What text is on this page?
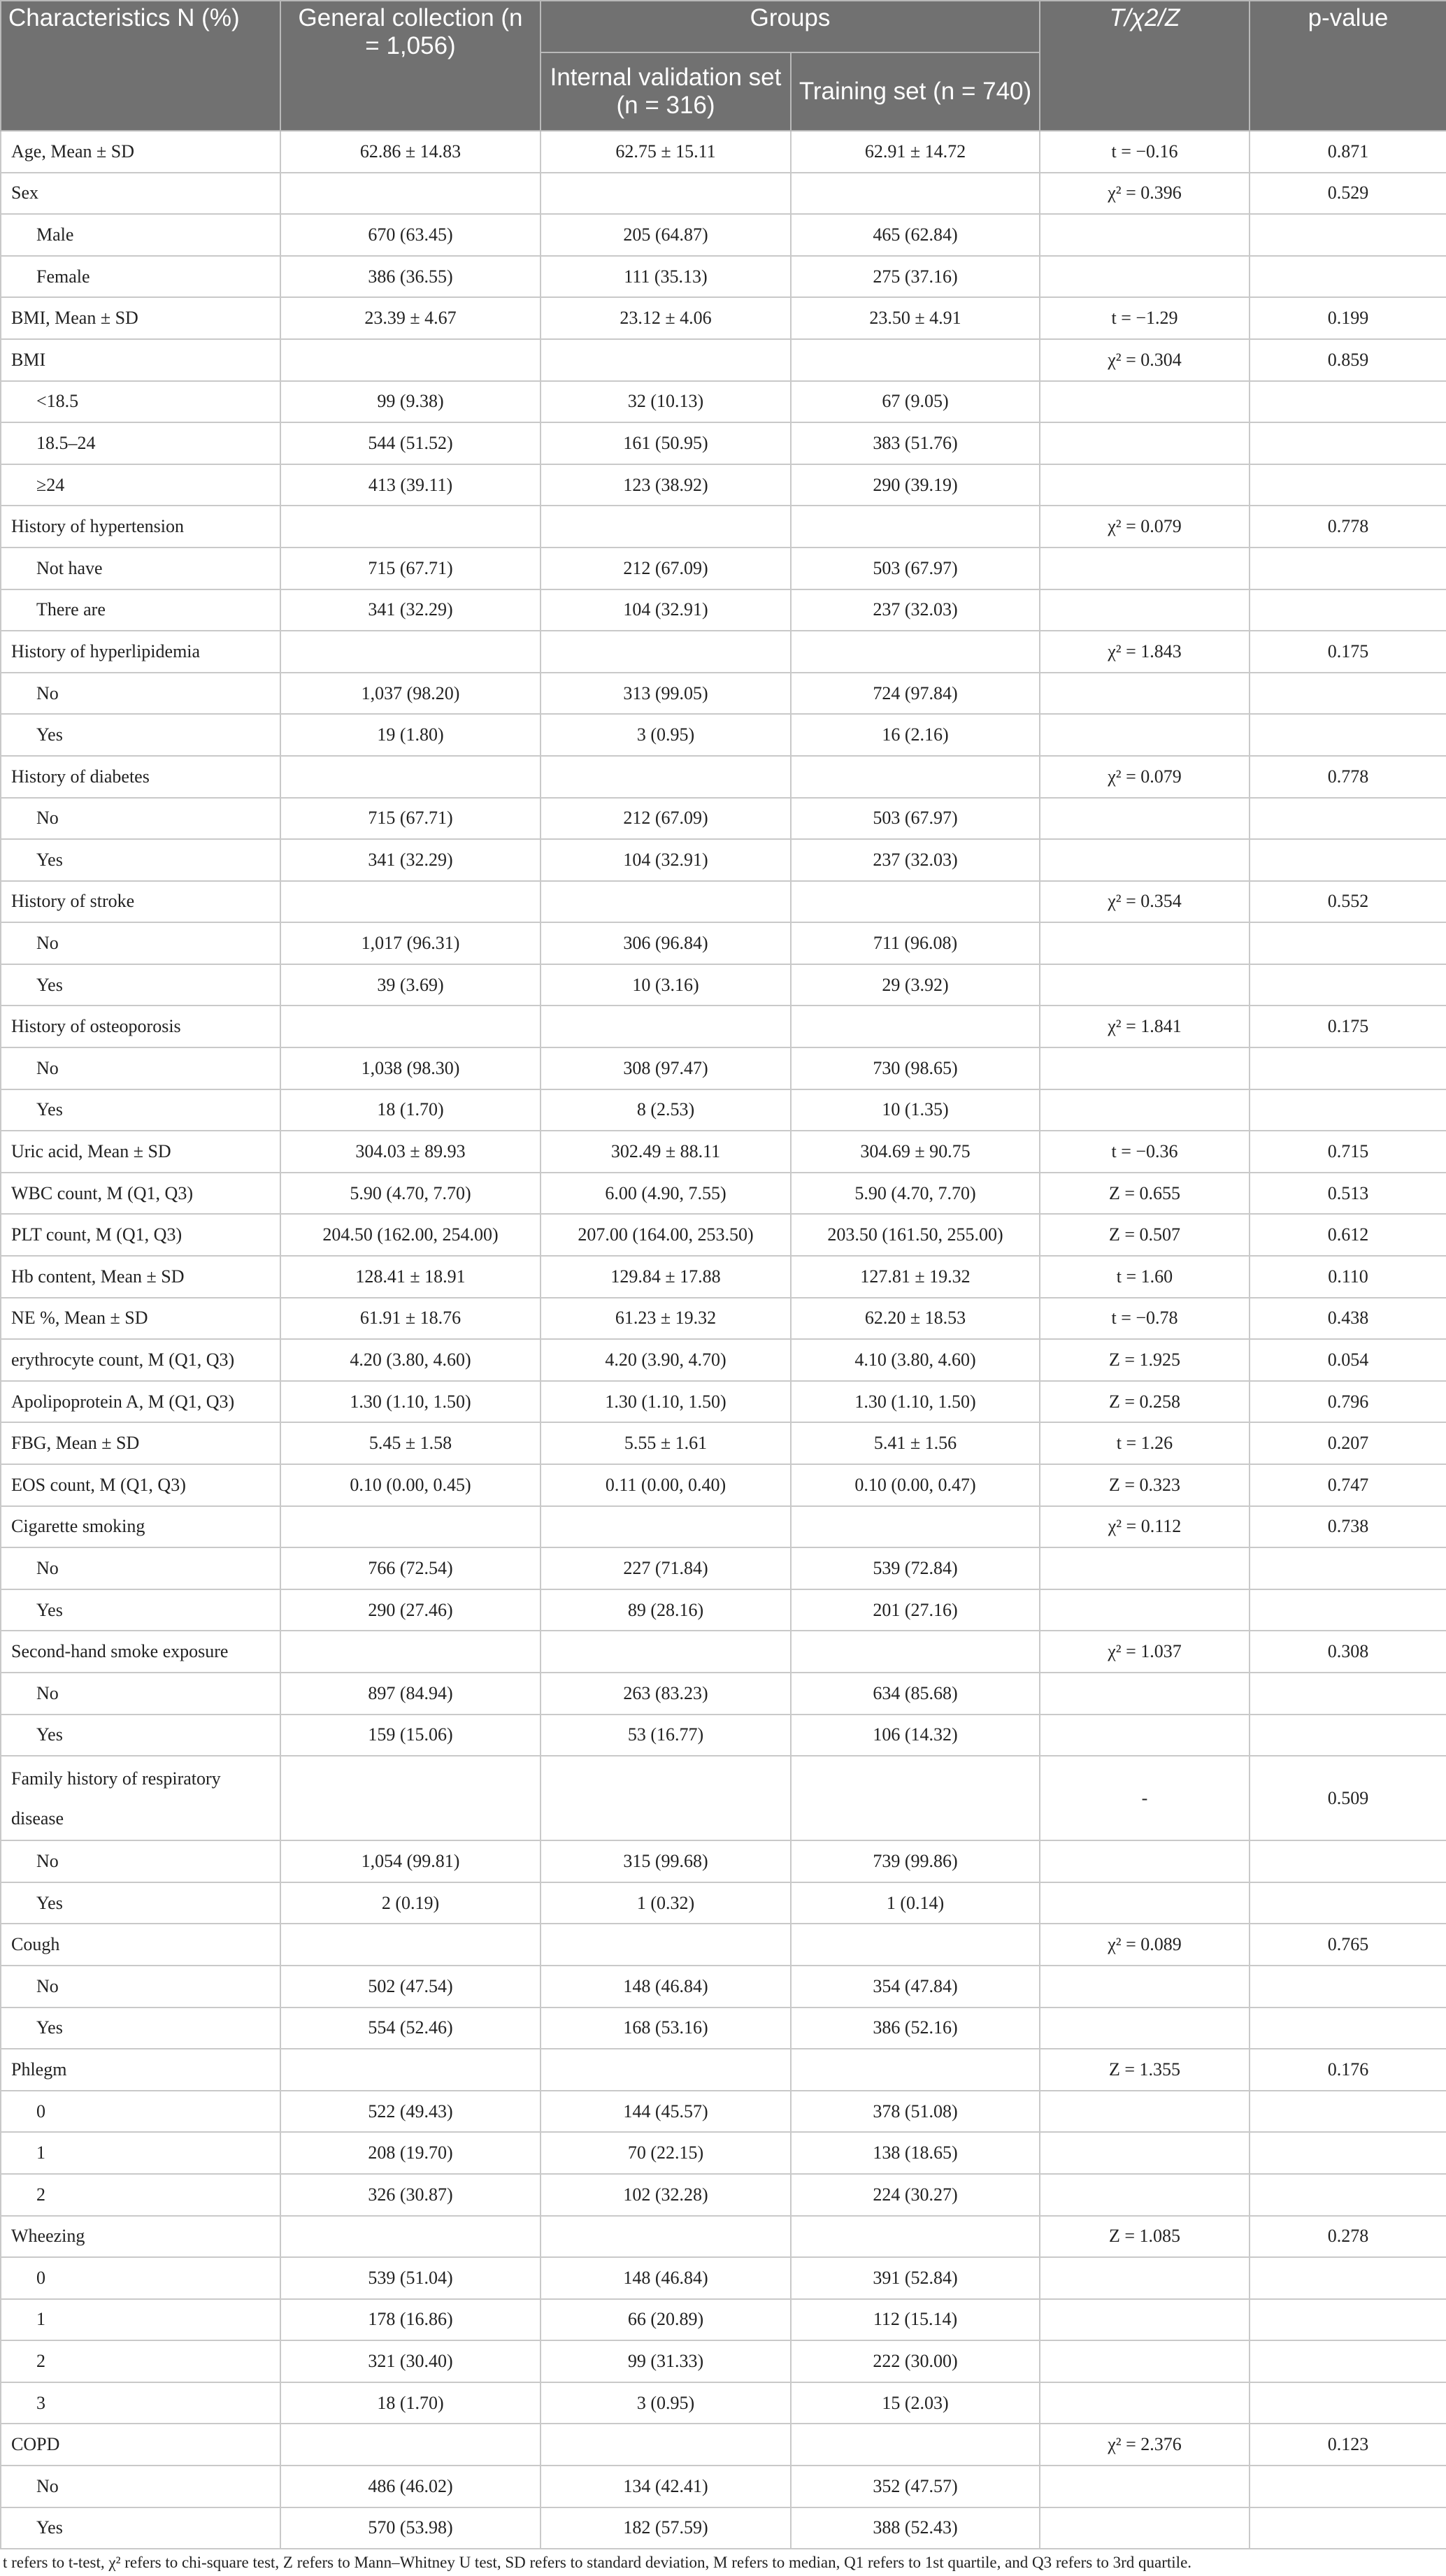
Characteristics N (%)	General collection (n = 1,056)	Groups		T/χ2/Z	p-value
		Internal validation set (n = 316)	Training set (n = 740)		
Age, Mean ± SD	62.86 ± 14.83	62.75 ± 15.11	62.91 ± 14.72	t = −0.16	0.871
Sex				χ² = 0.396	0.529
Male	670 (63.45)	205 (64.87)	465 (62.84)		
Female	386 (36.55)	111 (35.13)	275 (37.16)		
BMI, Mean ± SD	23.39 ± 4.67	23.12 ± 4.06	23.50 ± 4.91	t = −1.29	0.199
BMI				χ² = 0.304	0.859
<18.5	99 (9.38)	32 (10.13)	67 (9.05)		
18.5–24	544 (51.52)	161 (50.95)	383 (51.76)		
≥24	413 (39.11)	123 (38.92)	290 (39.19)		
History of hypertension				χ² = 0.079	0.778
Not have	715 (67.71)	212 (67.09)	503 (67.97)		
There are	341 (32.29)	104 (32.91)	237 (32.03)		
History of hyperlipidemia				χ² = 1.843	0.175
No	1,037 (98.20)	313 (99.05)	724 (97.84)		
Yes	19 (1.80)	3 (0.95)	16 (2.16)		
History of diabetes				χ² = 0.079	0.778
No	715 (67.71)	212 (67.09)	503 (67.97)		
Yes	341 (32.29)	104 (32.91)	237 (32.03)		
History of stroke				χ² = 0.354	0.552
No	1,017 (96.31)	306 (96.84)	711 (96.08)		
Yes	39 (3.69)	10 (3.16)	29 (3.92)		
History of osteoporosis				χ² = 1.841	0.175
No	1,038 (98.30)	308 (97.47)	730 (98.65)		
Yes	18 (1.70)	8 (2.53)	10 (1.35)		
Uric acid, Mean ± SD	304.03 ± 89.93	302.49 ± 88.11	304.69 ± 90.75	t = −0.36	0.715
WBC count, M (Q1, Q3)	5.90 (4.70, 7.70)	6.00 (4.90, 7.55)	5.90 (4.70, 7.70)	Z = 0.655	0.513
PLT count, M (Q1, Q3)	204.50 (162.00, 254.00)	207.00 (164.00, 253.50)	203.50 (161.50, 255.00)	Z = 0.507	0.612
Hb content, Mean ± SD	128.41 ± 18.91	129.84 ± 17.88	127.81 ± 19.32	t = 1.60	0.110
NE %, Mean ± SD	61.91 ± 18.76	61.23 ± 19.32	62.20 ± 18.53	t = −0.78	0.438
erythrocyte count, M (Q1, Q3)	4.20 (3.80, 4.60)	4.20 (3.90, 4.70)	4.10 (3.80, 4.60)	Z = 1.925	0.054
Apolipoprotein A, M (Q1, Q3)	1.30 (1.10, 1.50)	1.30 (1.10, 1.50)	1.30 (1.10, 1.50)	Z = 0.258	0.796
FBG, Mean ± SD	5.45 ± 1.58	5.55 ± 1.61	5.41 ± 1.56	t = 1.26	0.207
EOS count, M (Q1, Q3)	0.10 (0.00, 0.45)	0.11 (0.00, 0.40)	0.10 (0.00, 0.47)	Z = 0.323	0.747
Cigarette smoking				χ² = 0.112	0.738
No	766 (72.54)	227 (71.84)	539 (72.84)		
Yes	290 (27.46)	89 (28.16)	201 (27.16)		
Second-hand smoke exposure				χ² = 1.037	0.308
No	897 (84.94)	263 (83.23)	634 (85.68)		
Yes	159 (15.06)	53 (16.77)	106 (14.32)		
Family history of respiratory disease				-	0.509
No	1,054 (99.81)	315 (99.68)	739 (99.86)		
Yes	2 (0.19)	1 (0.32)	1 (0.14)		
Cough				χ² = 0.089	0.765
No	502 (47.54)	148 (46.84)	354 (47.84)		
Yes	554 (52.46)	168 (53.16)	386 (52.16)		
Phlegm				Z = 1.355	0.176
0	522 (49.43)	144 (45.57)	378 (51.08)		
1	208 (19.70)	70 (22.15)	138 (18.65)		
2	326 (30.87)	102 (32.28)	224 (30.27)		
Wheezing				Z = 1.085	0.278
0	539 (51.04)	148 (46.84)	391 (52.84)		
1	178 (16.86)	66 (20.89)	112 (15.14)		
2	321 (30.40)	99 (31.33)	222 (30.00)		
3	18 (1.70)	3 (0.95)	15 (2.03)		
COPD				χ² = 2.376	0.123
No	486 (46.02)	134 (42.41)	352 (47.57)		
Yes	570 (53.98)	182 (57.59)	388 (52.43)		
t refers to t-test, χ² refers to chi-square test, Z refers to Mann–Whitney U test, SD refers to standard deviation, M refers to median, Q1 refers to 1st quartile, and Q3 refers to 3rd quartile.
